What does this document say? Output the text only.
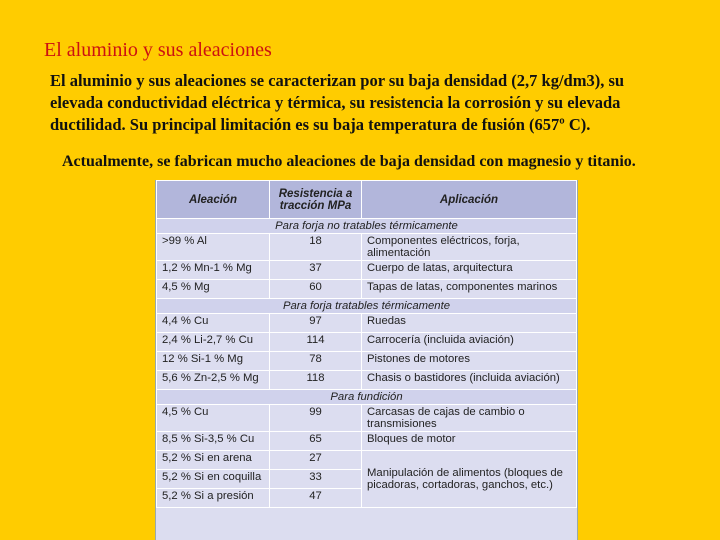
El aluminio y sus aleaciones
El aluminio y sus aleaciones se caracterizan por su baja densidad (2,7 kg/dm3), su elevada conductividad eléctrica y térmica, su resistencia la corrosión y su elevada ductilidad. Su principal limitación es su baja temperatura de fusión (657º C).
Actualmente, se fabrican mucho aleaciones de baja densidad con magnesio y titanio.
Aleación	Resistencia a tracción MPa	Aplicación
Para forja no tratables térmicamente		
>99 % Al	18	Componentes eléctricos, forja, alimentación
1,2 % Mn-1 % Mg	37	Cuerpo de latas, arquitectura
4,5 % Mg	60	Tapas de latas, componentes marinos
Para forja tratables térmicamente		
4,4 % Cu	97	Ruedas
2,4 % Li-2,7 % Cu	114	Carrocería (incluida aviación)
12 % Si-1 % Mg	78	Pistones de motores
5,6 % Zn-2,5 % Mg	118	Chasis o bastidores (incluida aviación)
Para fundición		
4,5 % Cu	99	Carcasas de cajas de cambio o transmisiones
8,5 % Si-3,5 % Cu	65	Bloques de motor
5,2 % Si en arena	27	Manipulación de alimentos (bloques de picadoras, cortadoras, ganchos, etc.)
5,2 % Si en coquilla	33	
5,2 % Si a presión	47	
